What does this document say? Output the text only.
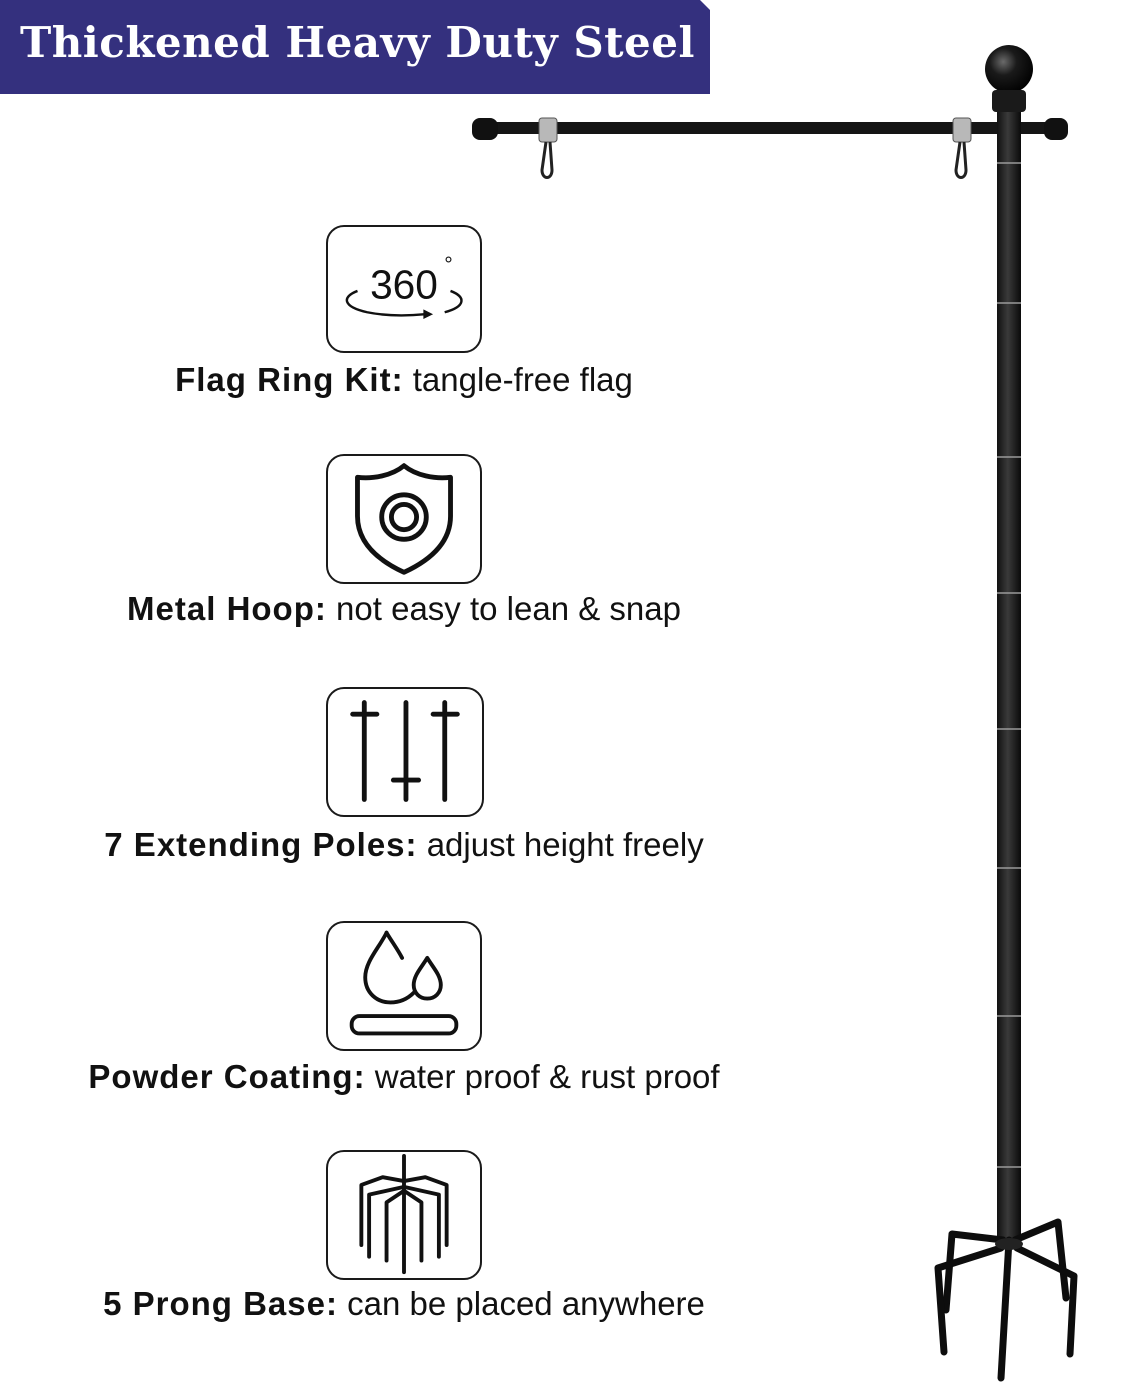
Thickened Heavy Duty Steel
360 °
Flag Ring Kit: tangle-free flag
Metal Hoop: not easy to lean & snap
7 Extending Poles: adjust height freely
Powder Coating: water proof & rust proof
5 Prong Base: can be placed anywhere
